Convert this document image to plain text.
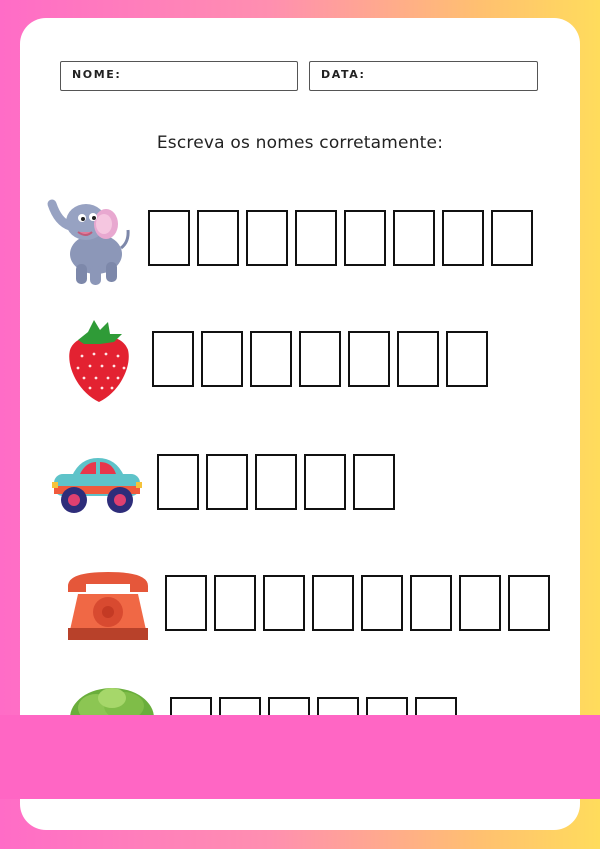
NOME:	DATA:
Escreva os nomes corretamente:
